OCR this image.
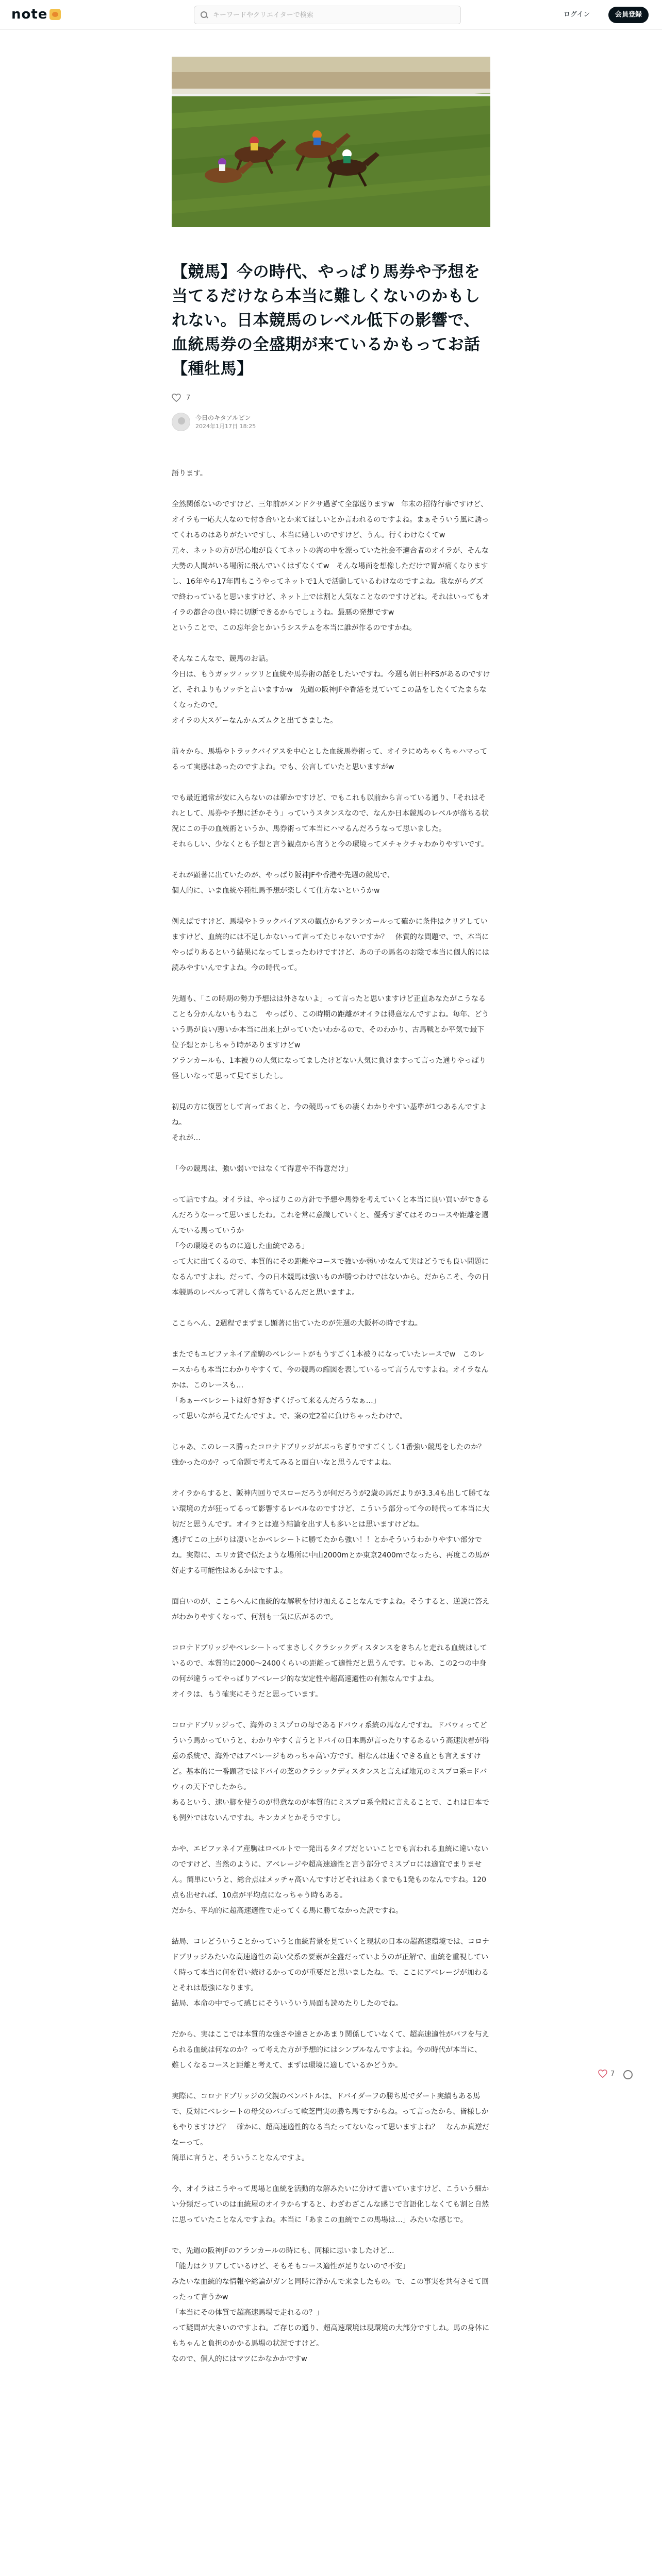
note
キーワードやクリエイターで検索	ログイン	会員登録
【競馬】今の時代、やっぱり馬券や予想を当てるだけなら本当に難しくないのかもしれない。日本競馬のレベル低下の影響で、血統馬券の全盛期が来ているかもってお話【種牡馬】
7
今日のキタアルピン
2024年1月17日 18:25

語ります。

全然関係ないのですけど、三年前がメンドクサ過ぎて全部送りますw　年末の招待行事ですけど、オイラも一応大人なので付き合いとか来てほしいとか言われるのですよね。まぁそういう風に誘ってくれるのはありがたいですし、本当に嬉しいのですけど、うん。行くわけなくてw
元々、ネットの方が居心地が良くてネットの海の中を漂っていた社会不適合者のオイラが、そんな大勢の人間がいる場所に飛んでいくはずなくてw　そんな場面を想像しただけで胃が痛くなりますし、16年やら17年間もこうやってネットで1人で活動しているわけなのですよね。我ながらグズで終わっていると思いますけど、ネット上では割と人気なことなのですけどね。それはいってもオイラの都合の良い時に切断できるからでしょうね。最悪の発想ですw
ということで、この忘年会とかいうシステムを本当に誰が作るのですかね。

そんなこんなで、競馬のお話。
今日は、もうガッツィッツリと血統や馬券術の話をしたいですね。今週も朝日杯FSがあるのですけど、それよりもソッチと言いますかw　先週の阪神JFや香港を見ていてこの話をしたくてたまらなくなったので。
オイラの大スゲーなんかムズムクと出てきました。

前々から、馬場やトラックバイアスを中心とした血統馬券術って、オイラにめちゃくちゃハマってるって実感はあったのですよね。でも、公言していたと思いますがw

でも最近通常が安に入らないのは確かですけど、でもこれも以前から言っている通り、「それはそれとして、馬券や予想に活かそう」っていうスタンスなので、なんか日本競馬のレベルが落ちる状況にこの手の血統術というか、馬券術って本当にハマるんだろうなって思いました。
それらしい、少なくとも予想と言う観点から言うと今の環境ってメチャクチャわかりやすいです。

それが顕著に出ていたのが、やっぱり阪神JFや香港や先週の競馬で、
個人的に、いま血統や種牡馬予想が楽しくて仕方ないというかw

例えばですけど、馬場やトラックバイアスの観点からアランカールって確かに条件はクリアしていますけど、血統的には不足しかないって言ってたじゃないですか？　体質的な問題で、で、本当にやっぱりあるという結果になってしまったわけですけど、あの子の馬名のお陰で本当に個人的には読みやすいんですよね。今の時代って。

先週も、「この時期の勢力予想はは外さないよ」って言ったと思いますけど正直あなたがこうなることも分かんないもうねこ　やっぱり、この時期の距離がオイラは得意なんですよね。毎年、どういう馬が良い/悪いか本当に出来上がっていたいわかるので、そのわかり、古馬戦とか平気で最下位予想とかしちゃう時がありますけどw
アランカールも、1本被りの人気になってましたけどない人気に負けますって言った通りやっぱり怪しいなって思って見てましたし。

初見の方に復習として言っておくと、今の競馬ってもの凄くわかりやすい基準が1つあるんですよね。
それが…

「今の競馬は、強い弱いではなくて得意や不得意だけ」

って話ですね。オイラは、やっぱりこの方針で予想や馬券を考えていくと本当に良い買いができるんだろうなーって思いましたね。これを常に意識していくと、優秀すぎてはそのコースや距離を選んでいる馬っていうか
「今の環境そのものに適した血統である」
って大に出てくるので、本質的にその距離やコースで強いか弱いかなんて実はどうでも良い問題になるんですよね。だって、今の日本競馬は強いものが勝つわけではないから。だからこそ、今の日本競馬のレベルって著しく落ちているんだと思いますよ。

ここらへん、2週程でまずまし顕著に出ていたのが先週の大阪杯の時ですね。

またでもエピファネイア産駒のベレシートがもうすごく1本被りになっていたレースでw　このレースからも本当にわかりやすくて、今の競馬の縮図を表しているって言うんですよね。オイラなんかは、このレースも…
「あぁーベレシートは好き好きずくげって来るんだろうなぁ…」
って思いながら見てたんですよ。で、案の定2着に負けちゃったわけで。

じゃあ、このレース勝ったコロナドブリッジがぶっちぎりですごくしく1番強い競馬をしたのか？強かったのか？って命題で考えてみると面白いなと思うんですよね。

オイラからすると、阪神内回りでスローだろうが何だろうが2歳の馬だよりが3.3.4も出して勝てない環境の方が狂ってるって影響するレベルなのですけど、こういう部分って今の時代って本当に大切だと思うんです。オイラとは違う結論を出す人も多いとは思いますけどね。
逃げてこの上がりは凄いとかベレシートに勝てたから強い！！とかそういうわかりやすい部分でね。実際に、エリカ賞で似たような場所に中山2000mとか東京2400mでなったら、再度この馬が好走する可能性はあるかはですよ。

面白いのが、ここらへんに血統的な解釈を付け加えることなんですよね。そうすると、逆説に答えがわかりやすくなって、何割も一気に広がるので。

コロナドブリッジやベレシートってまさしくクラシックディスタンスをきちんと走れる血統はしているので、本質的に2000〜2400くらいの距離って適性だと思うんです。じゃあ、この2つの中身の何が違うってやっぱりアベレージ的な安定性や超高速適性の有無なんですよね。
オイラは、もう確実にそうだと思っています。

コロナドブリッジって、海外のミスプロの母であるドバウィ系統の馬なんですね。ドバウィってどういう馬かっていうと、わかりやすく言うとドバイの日本馬が言ったりするあるいう高速決着が得意の系統で、海外ではアベレージもめっちゃ高い方です。相なんは速くできる血とも言えますけど。基本的に一番顕著ではドバイの芝のクラシックディスタンスと言えば地元のミスプロ系=ドバウィの天下でしたから。
あるという、速い脚を使うのが得意なのが本質的にミスプロ系全般に言えることで、これは日本でも例外ではないんですね。キンカメとかそうですし。

かや、エピファネイア産駒はロベルトで一発出るタイプだといいことでも言われる血統に違いないのですけど、当然のように、アベレージや超高速適性と言う部分でミスプロには適宜でまりません。簡単にいうと、総合点はメッチャ高いんですけどそれはあくまでも1発ものなんですね。120点も出せれば、10点が平均点になっちゃう時もある。
だから、平均的に超高速適性で走ってくる馬に勝てなかった訳ですね。

結局、コレどういうことかっていうと血統背景を見ていくと現状の日本の超高速環境では、コロナドブリッジみたいな高速適性の高い父系の要素が全盛だっていようのが正解で、血統を重視していく時って本当に何を買い続けるかってのが重要だと思いましたね。で、ここにアベレージが加わるとそれは最強になります。
結局、本命の中でって感じにそういういう局面も読めたりしたのでね。

だから、実はここでは本質的な強さや速さとかあまり関係していなくて、超高速適性がバフを与えられる血統は何なのか？って考えた方が予想的にはシンプルなんですよね。今の時代が本当に、
難しくなるコースと距離と考えて、まずは環境に適しているかどうか。

実際に、コロナドブリッジの父親のベンバトルは、ドバイダーフの勝ち馬でダート実績もある馬で、反対にベレシートの母父のバゴって軟芝門実の勝ち馬ですからね。って言ったから、皆様しかもやりますけど？　確かに、超高速適性的なる当たってないなって思いますよね？　なんか真逆だなーって。
簡単に言うと、そういうことなんですよ。

今、オイラはこうやって馬場と血統を活動的な解みたいに分けて書いていますけど、こういう細かい分類だっていのは血統屋のオイラからすると、わざわざこんな感じで言語化しなくても割と自然に思っていたことなんですよね。本当に「あまこの血統でこの馬場は…」みたいな感じで。

で、先週の阪神JFのアランカールの時にも、同様に思いましたけど…
「能力はクリアしているけど、そもそもコース適性が足りないので不安」
みたいな血統的な情報や総論がガンと同時に浮かんで来ましたもの。で、この事実を共有させて回ったって言うかw
「本当にその体質で超高速馬場で走れるの？」
って疑問が大きいのですよね。ご存じの通り、超高速環境は現環境の大部分ですしね。馬の身体にもちゃんと負担のかかる馬場の状況ですけど。
なので、個人的にはマツにかなかかですw

7
